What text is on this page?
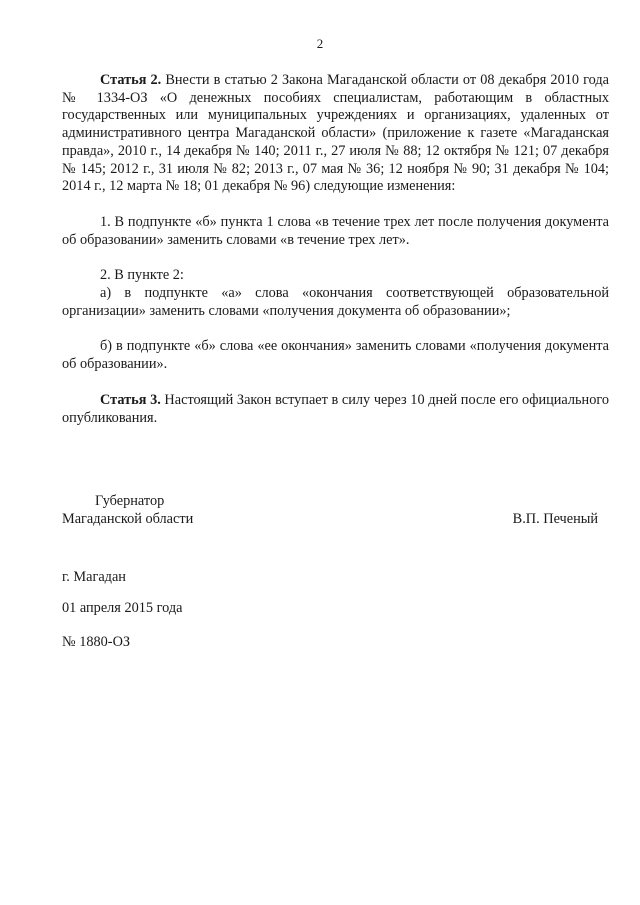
2

Статья 2. Внести в статью 2 Закона Магаданской области от 08 декабря 2010 года № 1334-ОЗ «О денежных пособиях специалистам, работающим в областных государственных или муниципальных учреждениях и организациях, удаленных от административного центра Магаданской области» (приложение к газете «Магаданская правда», 2010 г., 14 декабря № 140; 2011 г., 27 июля № 88; 12 октября № 121; 07 декабря № 145; 2012 г., 31 июля № 82; 2013 г., 07 мая № 36; 12 ноября № 90; 31 декабря № 104; 2014 г., 12 марта № 18; 01 декабря № 96) следующие изменения:

1. В подпункте «б» пункта 1 слова «в течение трех лет после получения документа об образовании» заменить словами «в течение трех лет».

2. В пункте 2:

а) в подпункте «а» слова «окончания соответствующей образовательной организации» заменить словами «получения документа об образовании»;

б) в подпункте «б» слова «ее окончания» заменить словами «получения документа об образовании».

Статья 3. Настоящий Закон вступает в силу через 10 дней после его официального опубликования.

Губернатор
Магаданской области	В.П. Печеный
г. Магадан
01 апреля 2015 года
№ 1880-ОЗ
